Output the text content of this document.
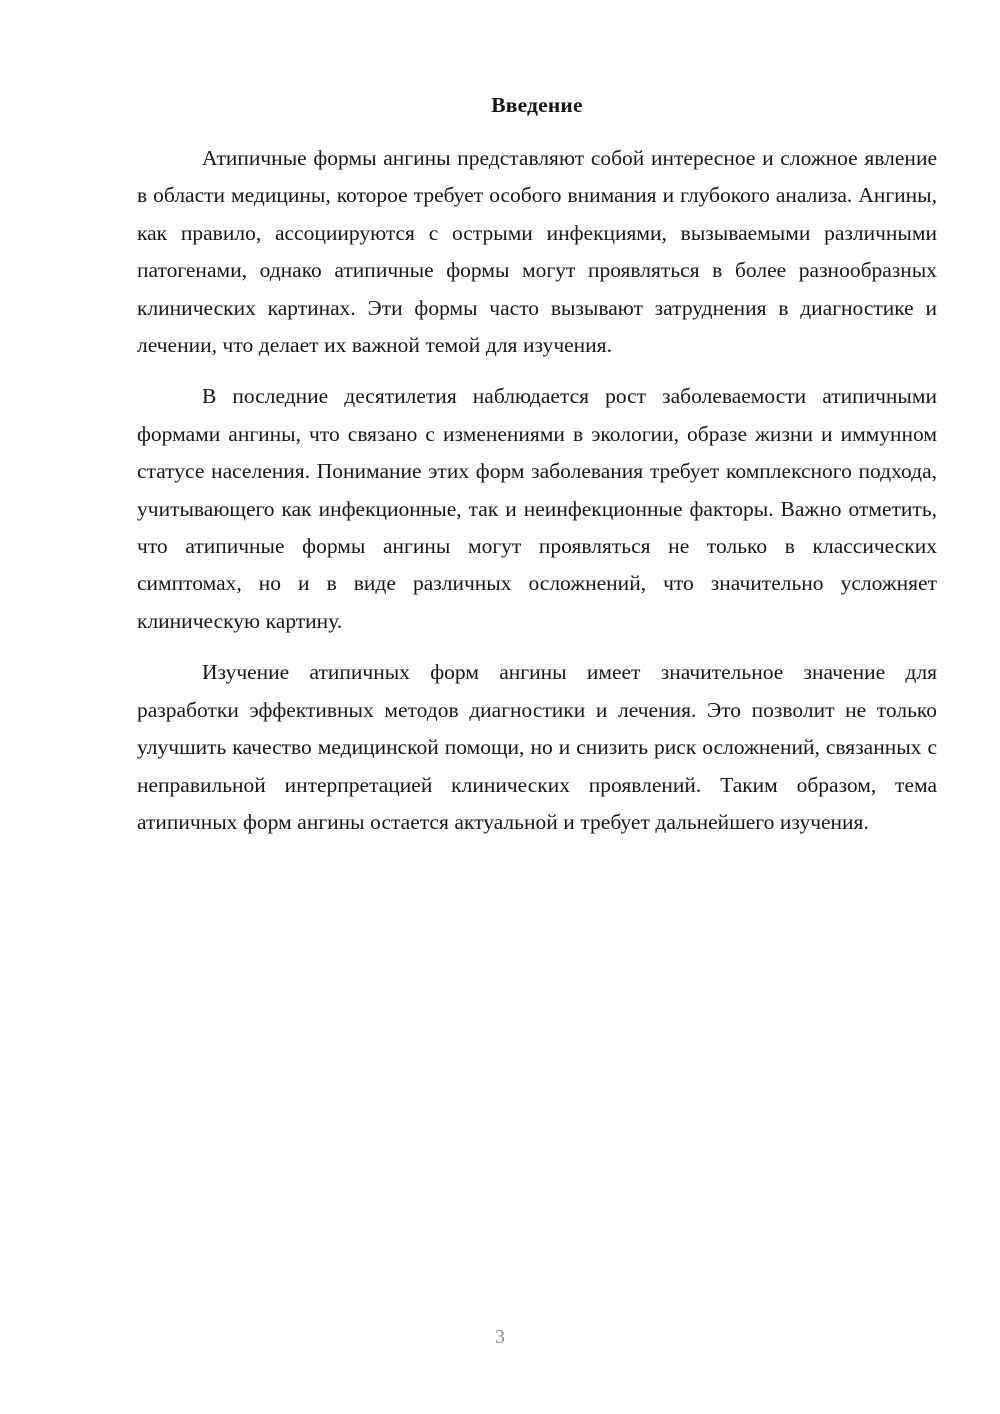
Введение

Атипичные формы ангины представляют собой интересное и сложное явление в области медицины, которое требует особого внимания и глубокого анализа. Ангины, как правило, ассоциируются с острыми инфекциями, вызываемыми различными патогенами, однако атипичные формы могут проявляться в более разнообразных клинических картинах. Эти формы часто вызывают затруднения в диагностике и лечении, что делает их важной темой для изучения.

В последние десятилетия наблюдается рост заболеваемости атипичными формами ангины, что связано с изменениями в экологии, образе жизни и иммунном статусе населения. Понимание этих форм заболевания требует комплексного подхода, учитывающего как инфекционные, так и неинфекционные факторы. Важно отметить, что атипичные формы ангины могут проявляться не только в классических симптомах, но и в виде различных осложнений, что значительно усложняет клиническую картину.

Изучение атипичных форм ангины имеет значительное значение для разработки эффективных методов диагностики и лечения. Это позволит не только улучшить качество медицинской помощи, но и снизить риск осложнений, связанных с неправильной интерпретацией клинических проявлений. Таким образом, тема атипичных форм ангины остается актуальной и требует дальнейшего изучения.

3
